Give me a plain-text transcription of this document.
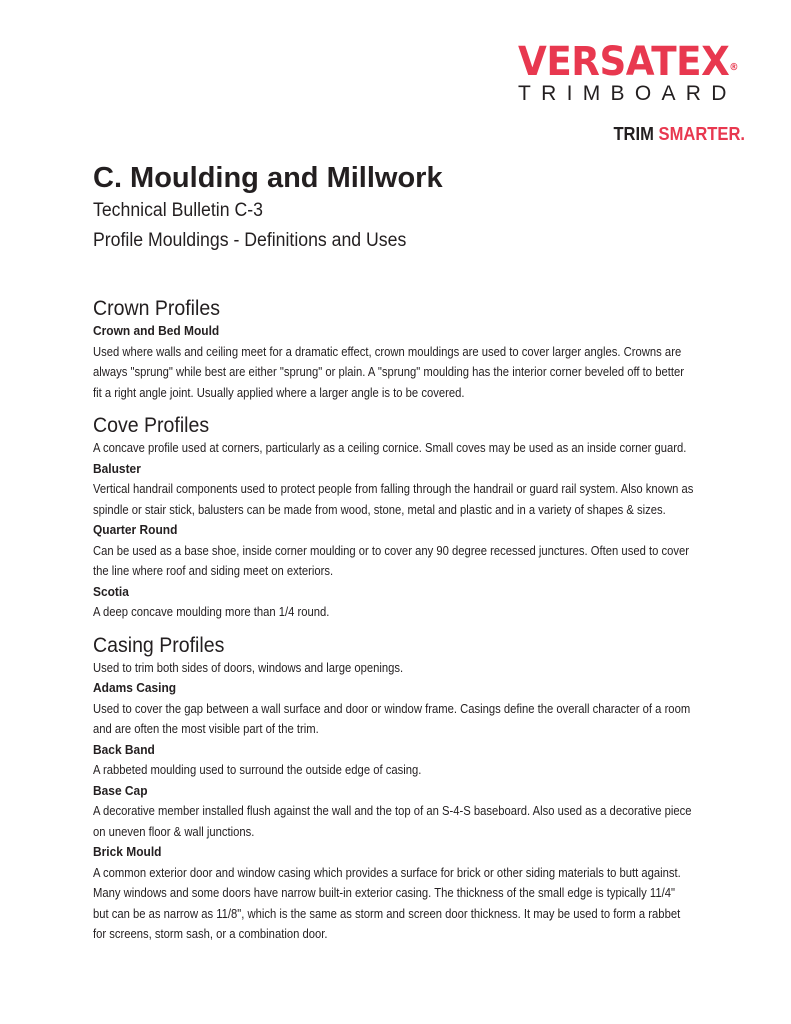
VERSATEX®
TRIMBOARD
TRIM SMARTER.
C. Moulding and Millwork
Technical Bulletin C-3
Profile Mouldings - Definitions and Uses
Crown Profiles
Crown and Bed Mould
Used where walls and ceiling meet for a dramatic effect, crown mouldings are used to cover larger angles. Crowns are
always "sprung" while best are either "sprung" or plain. A "sprung" moulding has the interior corner beveled off to better
fit a right angle joint. Usually applied where a larger angle is to be covered.
Cove Profiles
A concave profile used at corners, particularly as a ceiling cornice. Small coves may be used as an inside corner guard.
Baluster
Vertical handrail components used to protect people from falling through the handrail or guard rail system. Also known as
spindle or stair stick, balusters can be made from wood, stone, metal and plastic and in a variety of shapes & sizes.
Quarter Round
Can be used as a base shoe, inside corner moulding or to cover any 90 degree recessed junctures. Often used to cover
the line where roof and siding meet on exteriors.
Scotia
A deep concave moulding more than 1/4 round.
Casing Profiles
Used to trim both sides of doors, windows and large openings.
Adams Casing
Used to cover the gap between a wall surface and door or window frame. Casings define the overall character of a room
and are often the most visible part of the trim.
Back Band
A rabbeted moulding used to surround the outside edge of casing.
Base Cap
A decorative member installed flush against the wall and the top of an S-4-S baseboard. Also used as a decorative piece
on uneven floor & wall junctions.
Brick Mould
A common exterior door and window casing which provides a surface for brick or other siding materials to butt against.
Many windows and some doors have narrow built-in exterior casing. The thickness of the small edge is typically 11/4"
but can be as narrow as 11/8", which is the same as storm and screen door thickness. It may be used to form a rabbet
for screens, storm sash, or a combination door.
